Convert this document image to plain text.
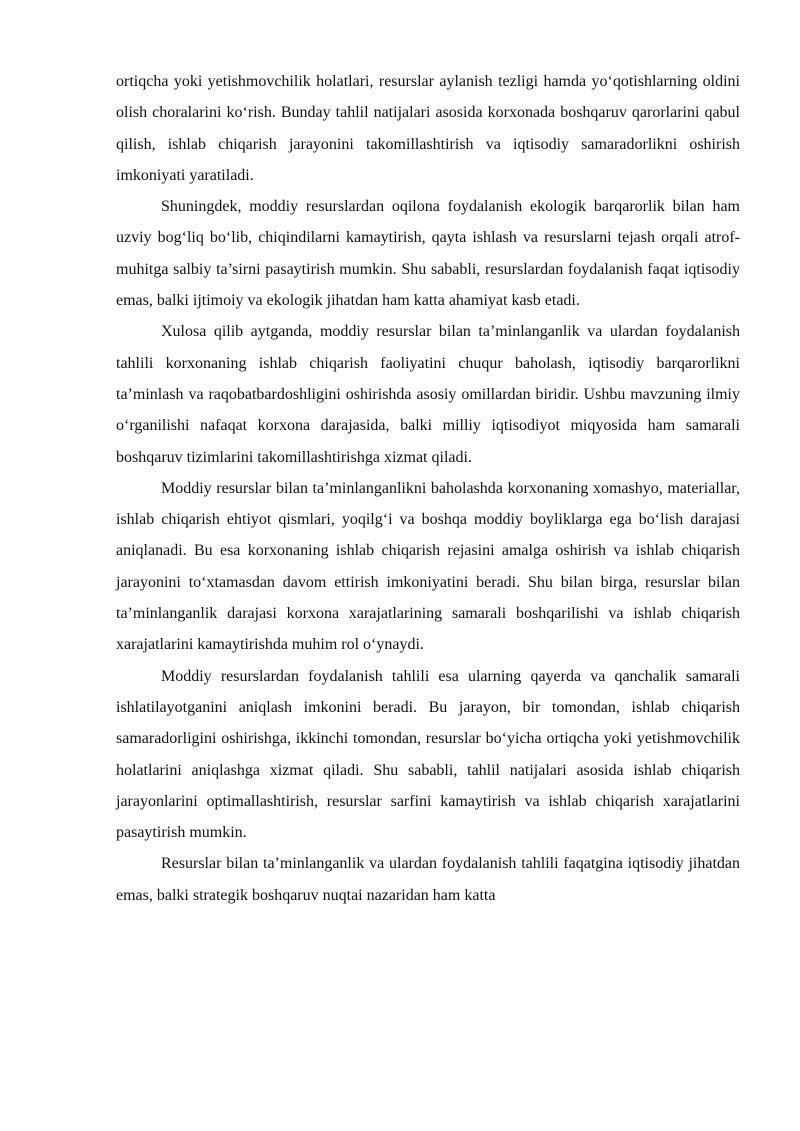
ortiqcha yoki yetishmovchilik holatlari, resurslar aylanish tezligi hamda yo‘qotishlarning oldini olish choralarini ko‘rish. Bunday tahlil natijalari asosida korxonada boshqaruv qarorlarini qabul qilish, ishlab chiqarish jarayonini takomillashtirish va iqtisodiy samaradorlikni oshirish imkoniyati yaratiladi.

Shuningdek, moddiy resurslardan oqilona foydalanish ekologik barqarorlik bilan ham uzviy bog‘liq bo‘lib, chiqindilarni kamaytirish, qayta ishlash va resurslarni tejash orqali atrof-muhitga salbiy ta’sirni pasaytirish mumkin. Shu sababli, resurslardan foydalanish faqat iqtisodiy emas, balki ijtimoiy va ekologik jihatdan ham katta ahamiyat kasb etadi.

Xulosa qilib aytganda, moddiy resurslar bilan ta’minlanganlik va ulardan foydalanish tahlili korxonaning ishlab chiqarish faoliyatini chuqur baholash, iqtisodiy barqarorlikni ta’minlash va raqobatbardoshligini oshirishda asosiy omillardan biridir. Ushbu mavzuning ilmiy o‘rganilishi nafaqat korxona darajasida, balki milliy iqtisodiyot miqyosida ham samarali boshqaruv tizimlarini takomillashtirishga xizmat qiladi.

Moddiy resurslar bilan ta’minlanganlikni baholashda korxonaning xomashyo, materiallar, ishlab chiqarish ehtiyot qismlari, yoqilg‘i va boshqa moddiy boyliklarga ega bo‘lish darajasi aniqlanadi. Bu esa korxonaning ishlab chiqarish rejasini amalga oshirish va ishlab chiqarish jarayonini to‘xtamasdan davom ettirish imkoniyatini beradi. Shu bilan birga, resurslar bilan ta’minlanganlik darajasi korxona xarajatlarining samarali boshqarilishi va ishlab chiqarish xarajatlarini kamaytirishda muhim rol o‘ynaydi.

Moddiy resurslardan foydalanish tahlili esa ularning qayerda va qanchalik samarali ishlatilayotganini aniqlash imkonini beradi. Bu jarayon, bir tomondan, ishlab chiqarish samaradorligini oshirishga, ikkinchi tomondan, resurslar bo‘yicha ortiqcha yoki yetishmovchilik holatlarini aniqlashga xizmat qiladi. Shu sababli, tahlil natijalari asosida ishlab chiqarish jarayonlarini optimallashtirish, resurslar sarfini kamaytirish va ishlab chiqarish xarajatlarini pasaytirish mumkin.

Resurslar bilan ta’minlanganlik va ulardan foydalanish tahlili faqatgina iqtisodiy jihatdan emas, balki strategik boshqaruv nuqtai nazaridan ham katta
